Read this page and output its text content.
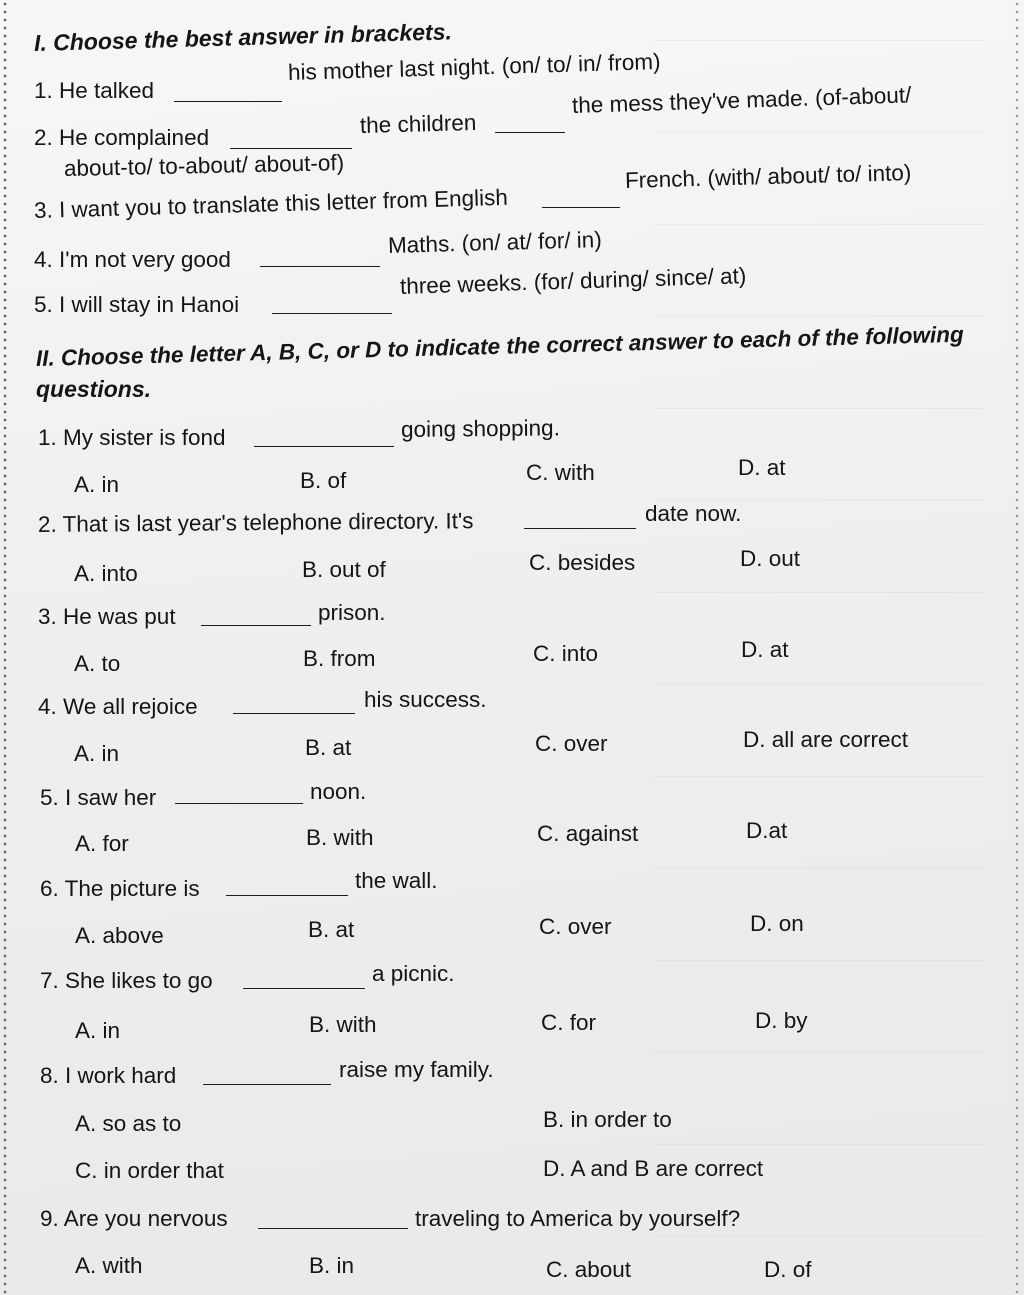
I. Choose the best answer in brackets.
1. He talked
his mother last night. (on/ to/ in/ from)
2. He complained	the children
the mess they've made. (of-about/
about-to/ to-about/ about-of)
3. I want you to translate this letter from English
French. (with/ about/ to/ into)
4. I'm not very good
Maths. (on/ at/ for/ in)
5. I will stay in Hanoi
three weeks. (for/ during/ since/ at)
II. Choose the letter A, B, C, or D to indicate the correct answer to each of the following
questions.
1. My sister is fond	going shopping.
A. in	B. of	C. with	D. at
2. That is last year's telephone directory. It's	date now.
A. into	B. out of	C. besides	D. out
3. He was put	prison.
A. to	B. from	C. into	D. at
4. We all rejoice	his success.
A. in	B. at	C. over	D. all are correct
5. I saw her	noon.
A. for	B. with	C. against	D.at
6. The picture is	the wall.
A. above	B. at	C. over	D. on
7. She likes to go	a picnic.
A. in	B. with	C. for	D. by
8. I work hard	raise my family.
A. so as to	B. in order to
C. in order that	D. A and B are correct
9. Are you nervous	traveling to America by yourself?
A. with	B. in	C. about	D. of
